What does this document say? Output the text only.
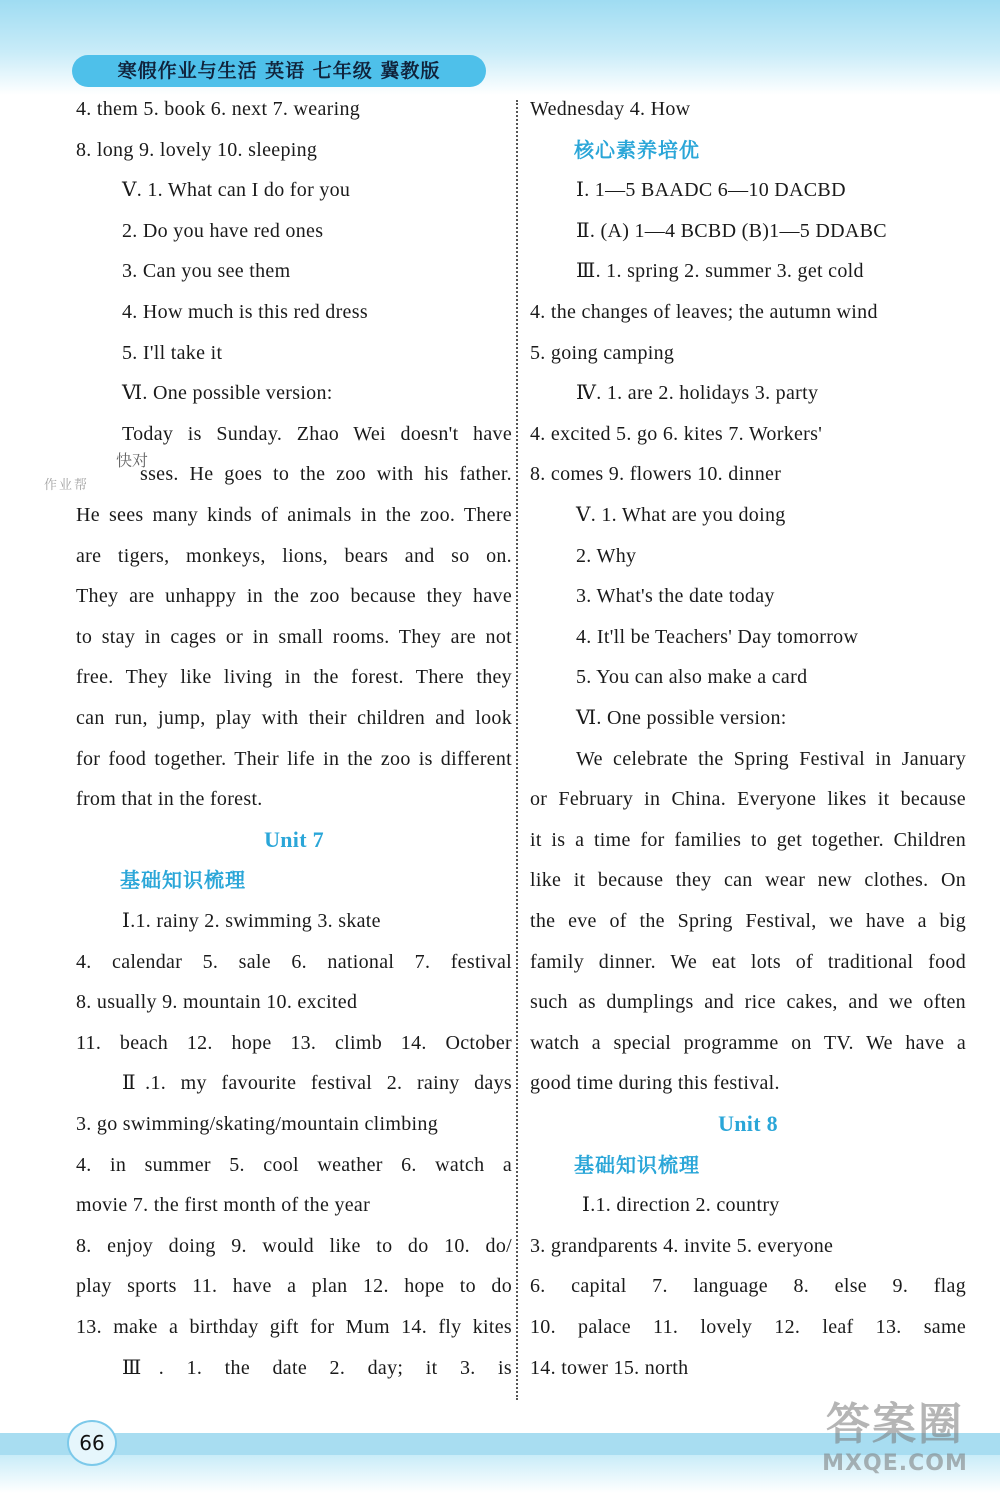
寒假作业与生活 英语 七年级 冀教版
4. them 5. book 6. next 7. wearing
8. long 9. lovely 10. sleeping
Ⅴ. 1. What can I do for you
2. Do you have red ones
3. Can you see them
4. How much is this red dress
5. I'll take it
Ⅵ. One possible version:
Today is Sunday. Zhao Wei doesn't have
sses. He goes to the zoo with his father.
He sees many kinds of animals in the zoo. There
are tigers, monkeys, lions, bears and so on.
They are unhappy in the zoo because they have
to stay in cages or in small rooms. They are not
free. They like living in the forest. There they
can run, jump, play with their children and look
for food together. Their life in the zoo is different
from that in the forest.
Unit 7
基础知识梳理
Ⅰ.1. rainy 2. swimming 3. skate
4. calendar 5. sale 6. national 7. festival
8. usually 9. mountain 10. excited
11. beach 12. hope 13. climb 14. October
Ⅱ.1. my favourite festival 2. rainy days
3. go swimming/skating/mountain climbing
4. in summer 5. cool weather 6. watch a
movie 7. the first month of the year
8. enjoy doing 9. would like to do 10. do/
play sports 11. have a plan 12. hope to do
13. make a birthday gift for Mum 14. fly kites
Ⅲ. 1. the date 2. day; it 3. is
Wednesday 4. How
核心素养培优
Ⅰ. 1—5 BAADC 6—10 DACBD
Ⅱ. (A) 1—4 BCBD (B)1—5 DDABC
Ⅲ. 1. spring 2. summer 3. get cold
4. the changes of leaves; the autumn wind
5. going camping
Ⅳ. 1. are 2. holidays 3. party
4. excited 5. go 6. kites 7. Workers'
8. comes 9. flowers 10. dinner
Ⅴ. 1. What are you doing
2. Why
3. What's the date today
4. It'll be Teachers' Day tomorrow
5. You can also make a card
Ⅵ. One possible version:
We celebrate the Spring Festival in January
or February in China. Everyone likes it because
it is a time for families to get together. Children
like it because they can wear new clothes. On
the eve of the Spring Festival, we have a big
family dinner. We eat lots of traditional food
such as dumplings and rice cakes, and we often
watch a special programme on TV. We have a
good time during this festival.
Unit 8
基础知识梳理
Ⅰ.1. direction 2. country
3. grandparents 4. invite 5. everyone
6. capital 7. language 8. else 9. flag
10. palace 11. lovely 12. leaf 13. same
14. tower 15. north
快对
作业帮
66	答案圈
MXQE.COM
